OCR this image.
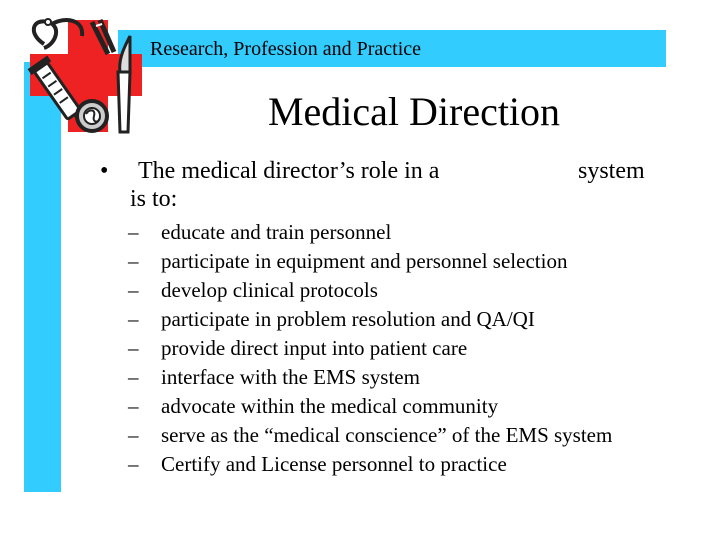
Research, Profession and Practice
Medical Direction
• The medical director’s role in a	system
is to:
– educate and train personnel
– participate in equipment and personnel selection
– develop clinical protocols
– participate in problem resolution and QA/QI
– provide direct input into patient care
– interface with the EMS system
– advocate within the medical community
– serve as the “medical conscience” of the EMS system
– Certify and License personnel to practice
